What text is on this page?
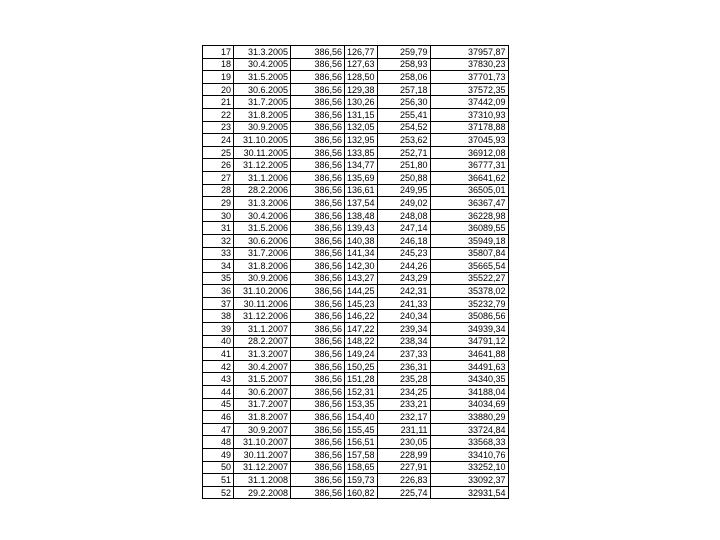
17	31.3.2005	386,56	126,77	259,79	37957,87
18	30.4.2005	386,56	127,63	258,93	37830,23
19	31.5.2005	386,56	128,50	258,06	37701,73
20	30.6.2005	386,56	129,38	257,18	37572,35
21	31.7.2005	386,56	130,26	256,30	37442,09
22	31.8.2005	386,56	131,15	255,41	37310,93
23	30.9.2005	386,56	132,05	254,52	37178,88
24	31.10.2005	386,56	132,95	253,62	37045,93
25	30.11.2005	386,56	133,85	252,71	36912,08
26	31.12.2005	386,56	134,77	251,80	36777,31
27	31.1.2006	386,56	135,69	250,88	36641,62
28	28.2.2006	386,56	136,61	249,95	36505,01
29	31.3.2006	386,56	137,54	249,02	36367,47
30	30.4.2006	386,56	138,48	248,08	36228,98
31	31.5.2006	386,56	139,43	247,14	36089,55
32	30.6.2006	386,56	140,38	246,18	35949,18
33	31.7.2006	386,56	141,34	245,23	35807,84
34	31.8.2006	386,56	142,30	244,26	35665,54
35	30.9.2006	386,56	143,27	243,29	35522,27
36	31.10.2006	386,56	144,25	242,31	35378,02
37	30.11.2006	386,56	145,23	241,33	35232,79
38	31.12.2006	386,56	146,22	240,34	35086,56
39	31.1.2007	386,56	147,22	239,34	34939,34
40	28.2.2007	386,56	148,22	238,34	34791,12
41	31.3.2007	386,56	149,24	237,33	34641,88
42	30.4.2007	386,56	150,25	236,31	34491,63
43	31.5.2007	386,56	151,28	235,28	34340,35
44	30.6.2007	386,56	152,31	234,25	34188,04
45	31.7.2007	386,56	153,35	233,21	34034,69
46	31.8.2007	386,56	154,40	232,17	33880,29
47	30.9.2007	386,56	155,45	231,11	33724,84
48	31.10.2007	386,56	156,51	230,05	33568,33
49	30.11.2007	386,56	157,58	228,99	33410,76
50	31.12.2007	386,56	158,65	227,91	33252,10
51	31.1.2008	386,56	159,73	226,83	33092,37
52	29.2.2008	386,56	160,82	225,74	32931,54
